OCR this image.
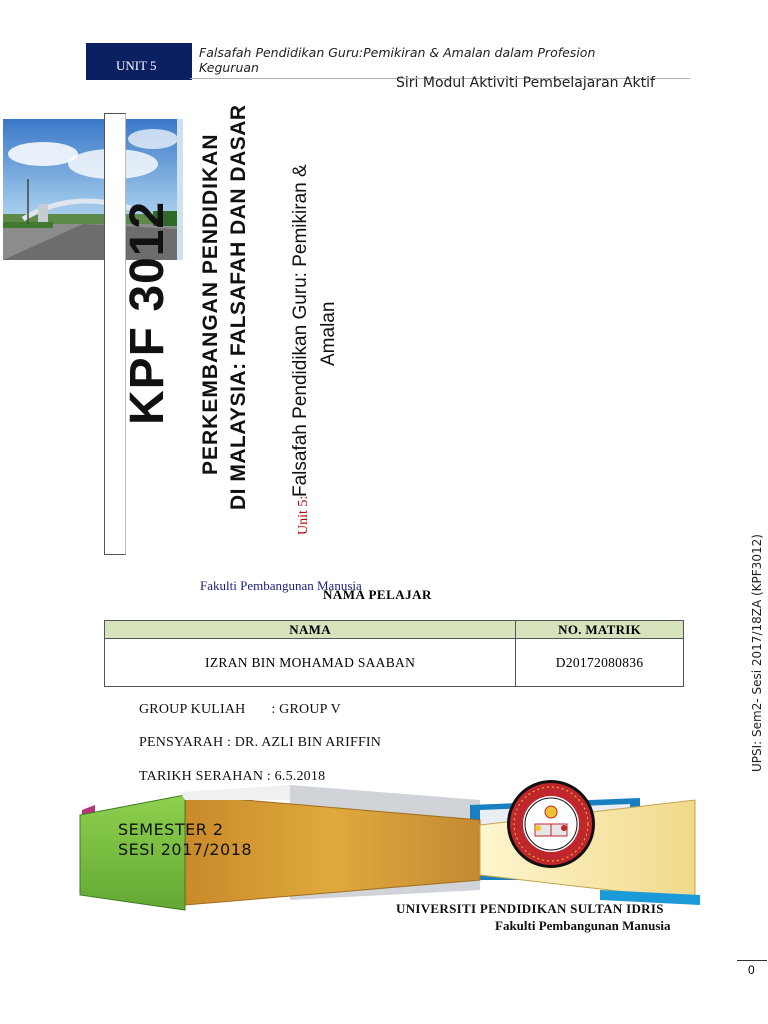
UNIT 5
Falsafah Pendidikan Guru:Pemikiran & Amalan dalam Profesion Keguruan
Siri Modul Aktiviti Pembelajaran Aktif
KPF 3012 PERKEMBANGAN PENDIDIKAN DI MALAYSIA: FALSAFAH DAN DASAR
Unit 5:
Falsafah Pendidikan Guru: Pemikiran & Amalan
UPSI: Sem2- Sesi 2017/18ZA (KPF3012)
Fakulti Pembangunan Manusia
NAMA PELAJAR
NAMA	NO. MATRIK
IZRAN BIN MOHAMAD SAABAN	D20172080836
GROUP KULIAH       : GROUP V
PENSYARAH : DR. AZLI BIN ARIFFIN
TARIKH SERAHAN : 6.5.2018
SEMESTER 2
SESI 2017/2018
UNIVERSITI PENDIDIKAN SULTAN IDRIS
Fakulti Pembangunan Manusia
0
